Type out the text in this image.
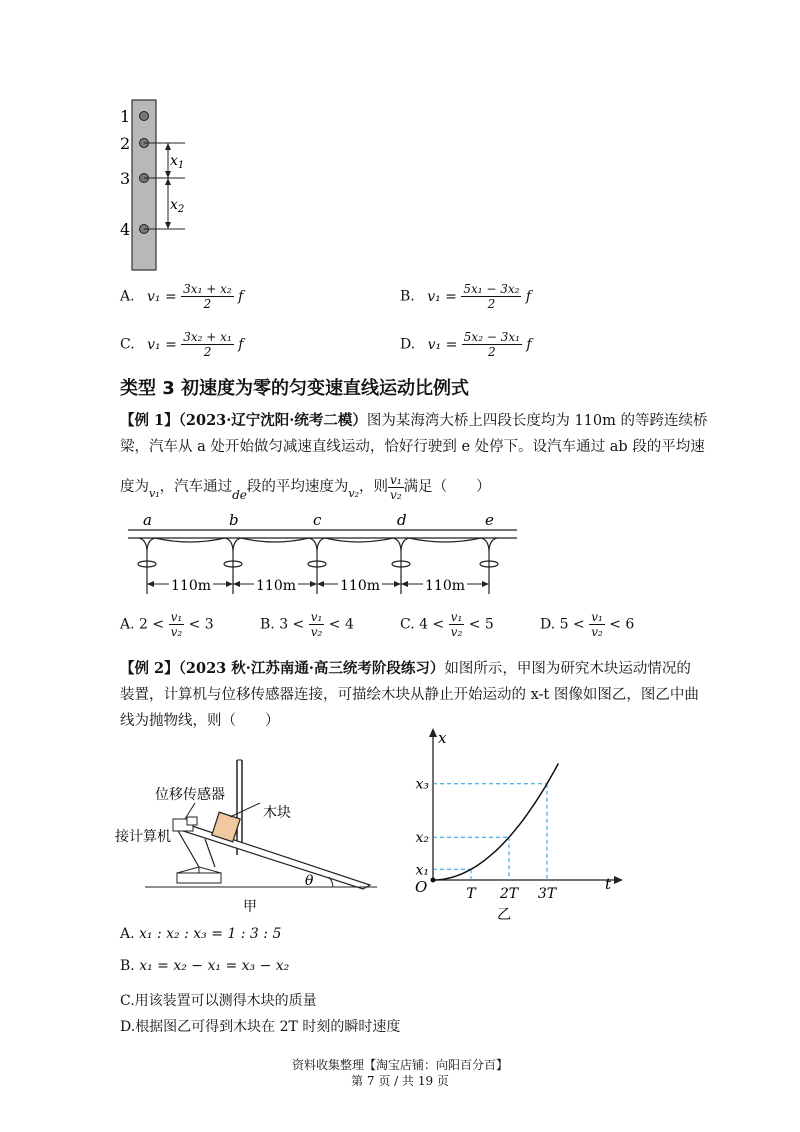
1
2
3
4
$x_1$
$x_2$
A. $v_1 = \frac{\text{3x₁ + x₂}}{2}$ f	B. $v_1 = \frac{\text{5x₁ − 3x₂}}{2}$ f
C. $v_1 = \frac{\text{3x₂ + x₁}}{2}$ f	D. $v_1 = \frac{\text{5x₂ − 3x₁}}{2}$ f
类型 3 初速度为零的匀变速直线运动比例式
【例 1】（2023·辽宁沈阳·统考二模）图为某海湾大桥上四段长度均为 110m 的等跨连续桥
梁，汽车从 a 处开始做匀减速直线运动，恰好行驶到 e 处停下。设汽车通过 ab 段的平均速
度为$_{v_1}$，汽车通过$_{de}$段的平均速度为$_{v_2}$，则 $\frac{\text{v₁}}{\text{v₂}}$ 满足（　　）
a	b	c	d	e
110m	110m	110m	110m
A. $2 < \frac{\text{v₁}}{\text{v₂}} < 3$	B. $3 < \frac{\text{v₁}}{\text{v₂}} < 4$	C. $4 < \frac{\text{v₁}}{\text{v₂}} < 5$	D. $5 < \frac{\text{v₁}}{\text{v₂}} < 6$
【例 2】（2023 秋·江苏南通·高三统考阶段练习）如图所示，甲图为研究木块运动情况的
装置，计算机与位移传感器连接，可描绘木块从静止开始运动的 x-t 图像如图乙，图乙中曲
线为抛物线，则（　　）
位移传感器
木块
接计算机
θ
甲
x
t
O	T 2T 3T
x₁
x₂
x₃
乙
A. x₁ : x₂ : x₃ = 1 : 3 : 5
B. x₁ = x₂ − x₁ = x₃ − x₂
C.用该装置可以测得木块的质量
D.根据图乙可得到木块在 2T 时刻的瞬时速度
资料收集整理【淘宝店铺：向阳百分百】
第 7 页 / 共 19 页
